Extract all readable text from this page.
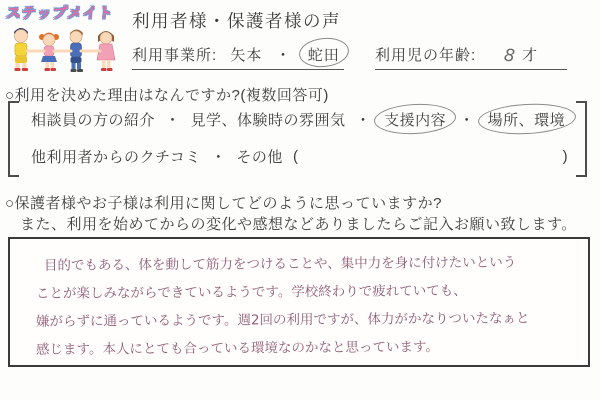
ステップメイト	利用者様・保護者様の声
利用事業所: 矢本 ・ 蛇田 利用児の年齢: 8 才
○利用を決めた理由はなんですか?(複数回答可)
相談員の方の紹介 ・ 見学、体験時の雰囲気 ・ 支援内容 ・ 場所、環境
他利用者からのクチコミ ・ その他 (	)
○保護者様やお子様は利用に関してどのように思っていますか?
また、利用を始めてからの変化や感想などありましたらご記入お願い致します。
目的でもある、体を動して筋力をつけることや、集中力を身に付けたいという
ことが楽しみながらできているようです。学校終わりで疲れていても、
嫌がらずに通っているようです。週2回の利用ですが、体力がかなりついたなぁと
感じます。本人にとても合っている環境なのかなと思っています。
